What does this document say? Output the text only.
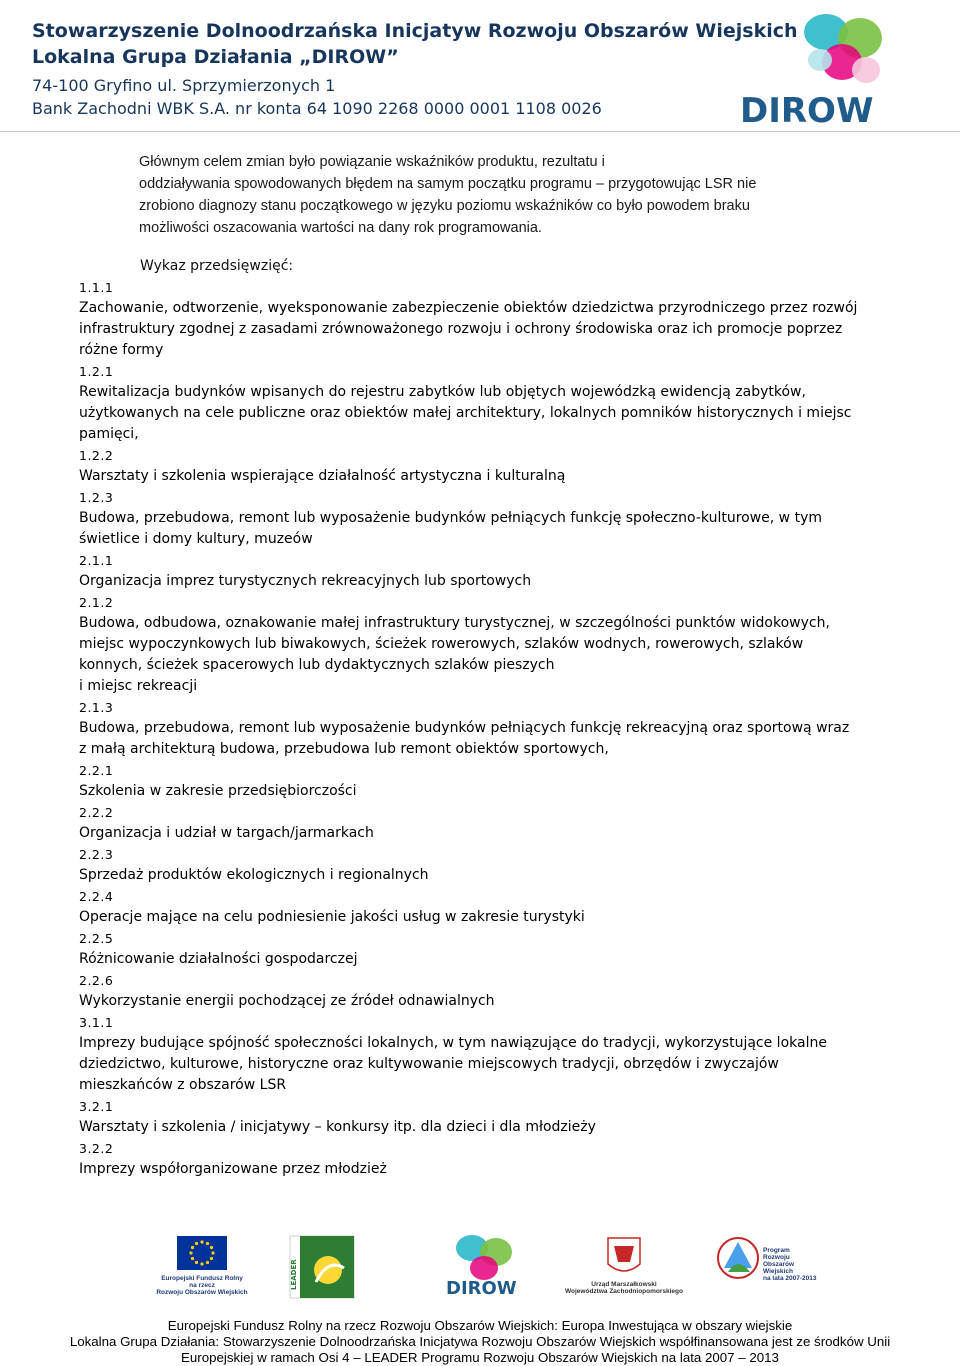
Stowarzyszenie Dolnoodrzańska Inicjatyw Rozwoju Obszarów Wiejskich
Lokalna Grupa Działania „DIROW”
74-100 Gryfino ul. Sprzymierzonych 1
Bank Zachodni WBK S.A. nr konta 64 1090 2268 0000 0001 1108 0026	DIROW

Głównym celem zmian było powiązanie wskaźników produktu, rezultatu i

oddziaływania spowodowanych błędem na samym początku programu – przygotowując LSR nie

zrobiono diagnozy stanu początkowego w języku poziomu wskaźników co było powodem braku

możliwości oszacowania wartości na dany rok programowania.

Wykaz przedsięwzięć:
1.1.1
Zachowanie, odtworzenie, wyeksponowanie zabezpieczenie obiektów dziedzictwa przyrodniczego przez rozwój infrastruktury zgodnej z zasadami zrównoważonego rozwoju i ochrony środowiska oraz ich promocje poprzez różne formy
1.2.1
Rewitalizacja budynków wpisanych do rejestru zabytków lub objętych wojewódzką ewidencją zabytków, użytkowanych na cele publiczne oraz obiektów małej architektury, lokalnych pomników historycznych i miejsc pamięci,
1.2.2
Warsztaty i szkolenia wspierające działalność artystyczna i kulturalną
1.2.3
Budowa, przebudowa, remont lub wyposażenie budynków pełniących funkcję społeczno-kulturowe, w tym świetlice i domy kultury, muzeów
2.1.1
Organizacja imprez turystycznych rekreacyjnych lub sportowych
2.1.2
Budowa, odbudowa, oznakowanie małej infrastruktury turystycznej, w szczególności punktów widokowych, miejsc wypoczynkowych lub biwakowych, ścieżek rowerowych, szlaków wodnych, rowerowych, szlaków konnych, ścieżek spacerowych lub dydaktycznych szlaków pieszych
i miejsc rekreacji
2.1.3
Budowa, przebudowa, remont lub wyposażenie budynków pełniących funkcję rekreacyjną oraz sportową wraz z małą architekturą budowa, przebudowa lub remont obiektów sportowych,
2.2.1
Szkolenia w zakresie przedsiębiorczości
2.2.2
Organizacja i udział w targach/jarmarkach
2.2.3
Sprzedaż produktów ekologicznych i regionalnych
2.2.4
Operacje mające na celu podniesienie jakości usług w zakresie turystyki
2.2.5
Różnicowanie działalności gospodarczej
2.2.6
Wykorzystanie energii pochodzącej ze źródeł odnawialnych
3.1.1
Imprezy budujące spójność społeczności lokalnych, w tym nawiązujące do tradycji, wykorzystujące lokalne dziedzictwo, kulturowe, historyczne oraz kultywowanie miejscowych tradycji, obrzędów i zwyczajów mieszkańców z obszarów LSR
3.2.1
Warsztaty i szkolenia / inicjatywy – konkursy itp. dla dzieci i dla młodzieży
3.2.2
Imprezy współorganizowane przez młodzież
Europejski Fundusz Rolny
na rzecz
Rozwoju Obszarów Wiejskich
LEADER	DIROW	Urząd Marszałkowski
Województwa Zachodniopomorskiego
Program
Rozwoju
Obszarów
Wiejskich
na lata 2007-2013
Europejski Fundusz Rolny na rzecz Rozwoju Obszarów Wiejskich: Europa Inwestująca w obszary wiejskie
Lokalna Grupa Działania: Stowarzyszenie Dolnoodrzańska Inicjatywa Rozwoju Obszarów Wiejskich współfinansowana jest ze środków Unii
Europejskiej w ramach Osi 4 – LEADER Programu Rozwoju Obszarów Wiejskich na lata 2007 – 2013
